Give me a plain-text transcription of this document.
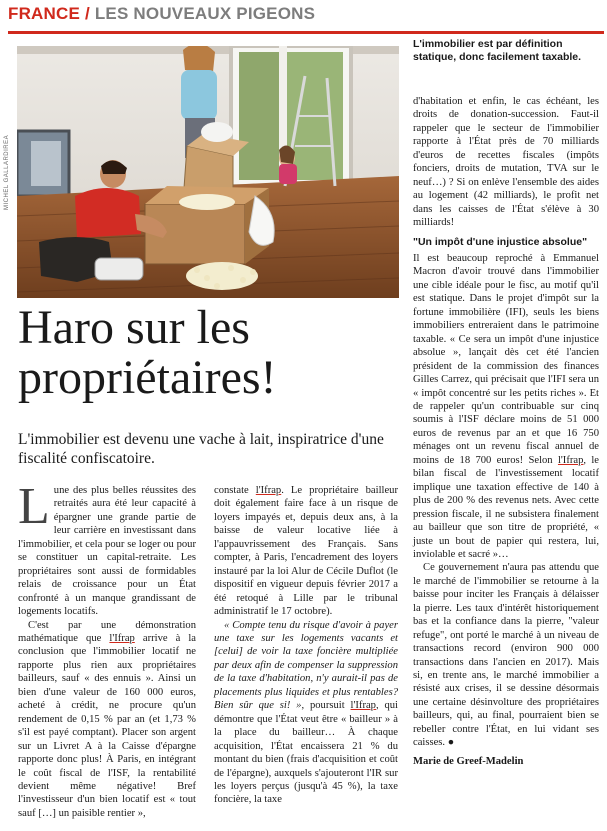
FRANCE / LES NOUVEAUX PIGEONS
L'immobilier est par définition statique, donc facilement taxable.
MICHEL GALLARDIREA
Haro sur les propriétaires!
L'immobilier est devenu une vache à lait, inspiratrice d'une fiscalité confiscatoire.

Lune des plus belles réussites des retraités aura été leur capacité à épargner une grande partie de leur carrière en investissant dans l'immobilier, et cela pour se loger ou pour se constituer un capital-retraite. Les propriétaires sont aussi de formidables relais de croissance pour un État confronté à un manque grandissant de logements locatifs.

C'est par une démonstration mathématique que l'Ifrap arrive à la conclusion que l'immobilier locatif ne rapporte plus rien aux propriétaires bailleurs, sauf « des ennuis ». Ainsi un bien d'une valeur de 160 000 euros, acheté à crédit, ne procure qu'un rendement de 0,15 % par an (et 1,73 % s'il est payé comptant). Placer son argent sur un Livret A à la Caisse d'épargne rapporte donc plus! À Paris, en intégrant le coût fiscal de l'ISF, la rentabilité devient même négative! Bref l'investisseur d'un bien locatif est « tout sauf […] un paisible rentier »,

constate l'Ifrap. Le propriétaire bailleur doit également faire face à un risque de loyers impayés et, depuis deux ans, à la baisse de valeur locative liée à l'appauvrissement des Français. Sans compter, à Paris, l'encadrement des loyers instauré par la loi Alur de Cécile Duflot (le dispositif en vigueur depuis février 2017 a été retoqué à Lille par le tribunal administratif le 17 octobre).

« Compte tenu du risque d'avoir à payer une taxe sur les logements vacants et [celui] de voir la taxe foncière multipliée par deux afin de compenser la suppression de la taxe d'habitation, n'y aurait-il pas de placements plus liquides et plus rentables? Bien sûr que si! », poursuit l'Ifrap, qui démontre que l'État veut être « bailleur » à la place du bailleur… À chaque acquisition, l'État encaissera 21 % du montant du bien (frais d'acquisition et coût de l'épargne), auxquels s'ajouteront l'IR sur les loyers perçus (jusqu'à 45 %), la taxe foncière, la taxe

d'habitation et enfin, le cas échéant, les droits de donation-succession. Faut-il rappeler que le secteur de l'immobilier rapporte à l'État près de 70 milliards d'euros de recettes fiscales (impôts fonciers, droits de mutation, TVA sur le neuf…) ? Si on enlève l'ensemble des aides au logement (42 milliards), le profit net dans les caisses de l'État s'élève à 30 milliards!

"Un impôt d'une injustice absolue"

Il est beaucoup reproché à Emmanuel Macron d'avoir trouvé dans l'immobilier une cible idéale pour le fisc, au motif qu'il est statique. Dans le projet d'impôt sur la fortune immobilière (IFI), seuls les biens immobiliers entreraient dans le patrimoine taxable. « Ce sera un impôt d'une injustice absolue », lançait dès cet été l'ancien président de la commission des finances Gilles Carrez, qui précisait que l'IFI sera un « impôt concentré sur les petits riches ». Et de rappeler qu'un contribuable sur cinq soumis à l'ISF déclare moins de 51 000 euros de revenus par an et que 16 750 ménages ont un revenu fiscal annuel de moins de 18 700 euros! Selon l'Ifrap, le bilan fiscal de l'investissement locatif implique une taxation effective de 140 à plus de 200 % des revenus nets. Avec cette pression fiscale, il ne subsistera finalement au bailleur que son titre de propriété, « juste un bout de papier qui restera, lui, inviolable et sacré »…

Ce gouvernement n'aura pas attendu que le marché de l'immobilier se retourne à la baisse pour inciter les Français à délaisser la pierre. Les taux d'intérêt historiquement bas et la confiance dans la pierre, "valeur refuge", ont porté le marché à un niveau de transactions record (environ 900 000 transactions dans l'ancien en 2017). Mais si, en trente ans, le marché immobilier a résisté aux crises, il se dessine désormais une certaine désinvolture des propriétaires bailleurs, qui, au final, pourraient bien se rebeller contre l'État, en lui vidant ses caisses. ●

Marie de Greef-Madelin
